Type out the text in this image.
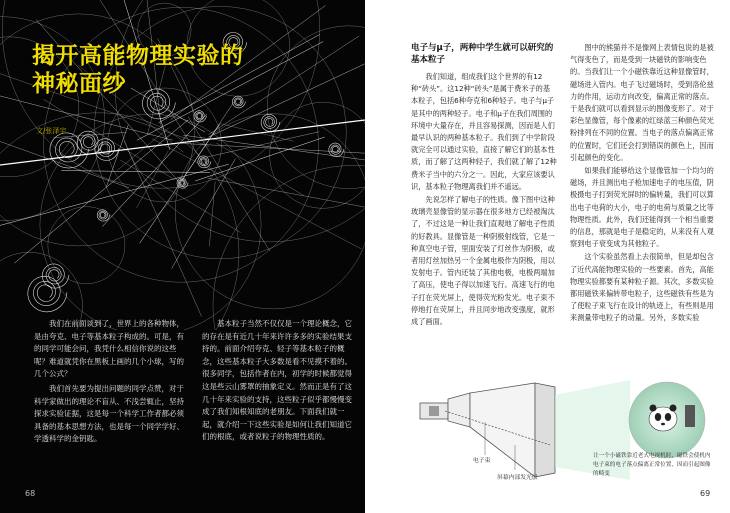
揭开高能物理实验的
神秘面纱
文/张泽宇

我们在前面谈到了，世界上的各种物体，是由夸克、电子等基本粒子构成的。可是，有的同学可能会问，我凭什么相信你说的这些呢？难道就凭你在黑板上画的几个小球，写的几个公式？

我们首先要为提出问题的同学点赞，对于科学家做出的理论不盲从、不浅尝辄止，坚持探求实验证据，这是每一个科学工作者都必须具备的基本思想方法，也是每一个同学学好、学透科学的金钥匙。

基本粒子当然不仅仅是一个理论概念，它的存在是有近几十年来许许多多的实验结果支持的。前面介绍夸克、轻子等基本粒子的概念，这些基本粒子大多数是看不见摸不着的。很多同学，包括作者在内，初学的时候都觉得这是些云山雾罩的抽象定义。然而正是有了这几十年来实验的支持，这些粒子似乎都慢慢变成了我们知根知底的老朋友。下面我们就一起，就介绍一下这些实验是如何让我们知道它们的根底，或者说粒子的物理性质的。

68
电子与μ子，两种中学生就可以研究的基本粒子

我们知道，组成我们这个世界的有12种“砖头”。这12种“砖头”是属于费米子的基本粒子，包括6种夸克和6种轻子。电子与μ子是其中的两种轻子。电子和μ子在我们周围的环境中大量存在，并且容易探测，因而是人们最早认识的两种基本粒子。我们到了中学阶段就完全可以通过实验，直接了解它们的基本性质，而了解了这两种轻子，我们就了解了12种费米子当中的六分之一。因此，大家应该要认识，基本粒子物理离我们并不遥远。

先说怎样了解电子的性质。像下图中这种玻璃壳显像管的显示器在很多地方已经被淘汰了，不过这是一种让我们直观地了解电子性质的好教具。显像管是一种阴极射线管，它是一种真空电子管，里面安装了灯丝作为阴极，或者用灯丝加热另一个金属电极作为阴极，用以发射电子。管内还装了其他电极，电极两端加了高压，使电子得以加速飞行。高速飞行的电子打在荧光屏上，使得荧光粉发光。电子束不停地打在荧屏上，并且同步地改变强度，就形成了画面。

图中的熊猫并不是像网上表情包说的是被气得变色了，而是受到一块磁铁的影响变色的。当我们让一个小磁铁靠近这种显像管时，磁场进入管内。电子飞过磁场时，受到洛伦兹力的作用，运动方向改变，偏离正常的落点。于是我们就可以看到显示的图像变形了。对于彩色显像管，每个像素的红绿蓝三种颜色荧光粉排列在不同的位置。当电子的落点偏离正常的位置时，它们还会打到错误的颜色上，因而引起颜色的变化。

如果我们能够给这个显像管加一个均匀的磁场，并且测出电子枪加速电子的电压值，阴极摄电子打到荧光屏时的偏转量，我们可以算出电子电荷的大小，电子的电荷与质量之比等物理性质。此外，我们还能得到一个相当重要的信息，那就是电子是稳定的，从来没有人观察到电子衰变成为其他粒子。

这个实验虽然看上去很简单，但是却包含了近代高能物理实验的一些要素。首先，高能物理实验都要有某种粒子源。其次，多数实验都用磁铁来偏转带电粒子，这些磁铁有些是为了使粒子束飞行在设计的轨迹上，有些则是用来测量带电粒子的动量。另外，多数实验

电子束
屏幕内部发光层
让一个小磁铁靠近老式电视机时，磁铁会使机内电子束的电子落点偏离正常位置，因而引起图像的畸变
69
